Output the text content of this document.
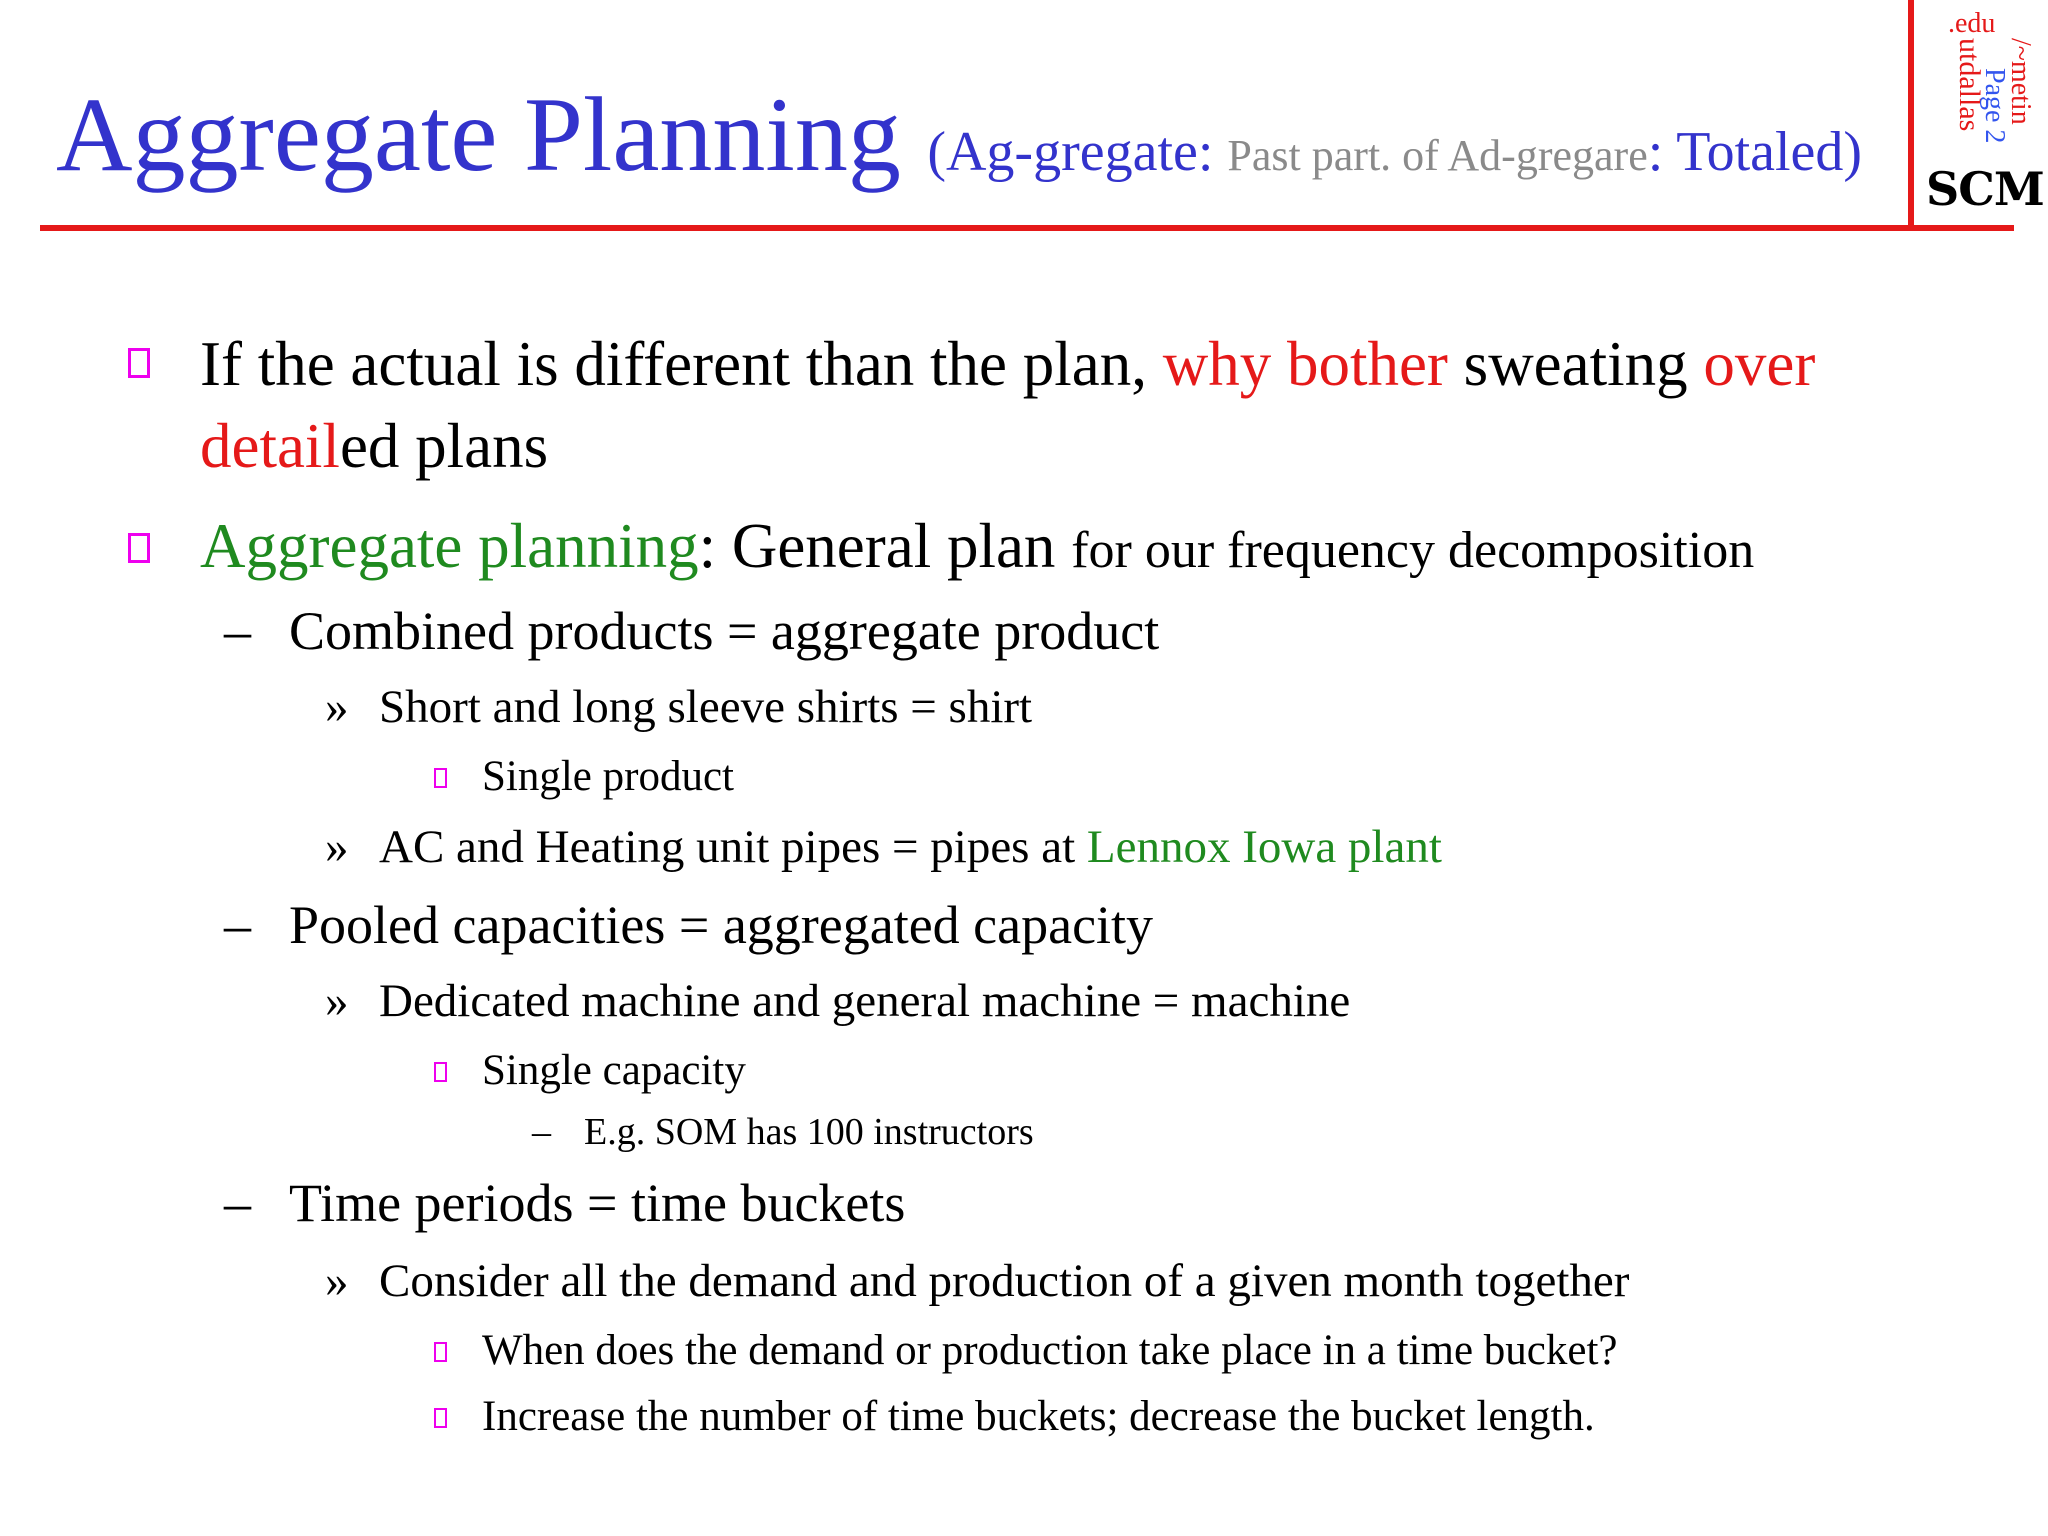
Aggregate Planning (Ag-gregate: Past part. of Ad-gregare: Totaled)
.edu
utdallas /~metin
Page 2
SCM
If the actual is different than the plan, why bother sweating over
detailed plans
Aggregate planning: General plan for our frequency decomposition
– Combined products = aggregate product
» Short and long sleeve shirts = shirt
Single product
» AC and Heating unit pipes = pipes at Lennox Iowa plant
– Pooled capacities = aggregated capacity
» Dedicated machine and general machine = machine
Single capacity
– E.g. SOM has 100 instructors
– Time periods = time buckets
» Consider all the demand and production of a given month together
When does the demand or production take place in a time bucket?
Increase the number of time buckets; decrease the bucket length.
